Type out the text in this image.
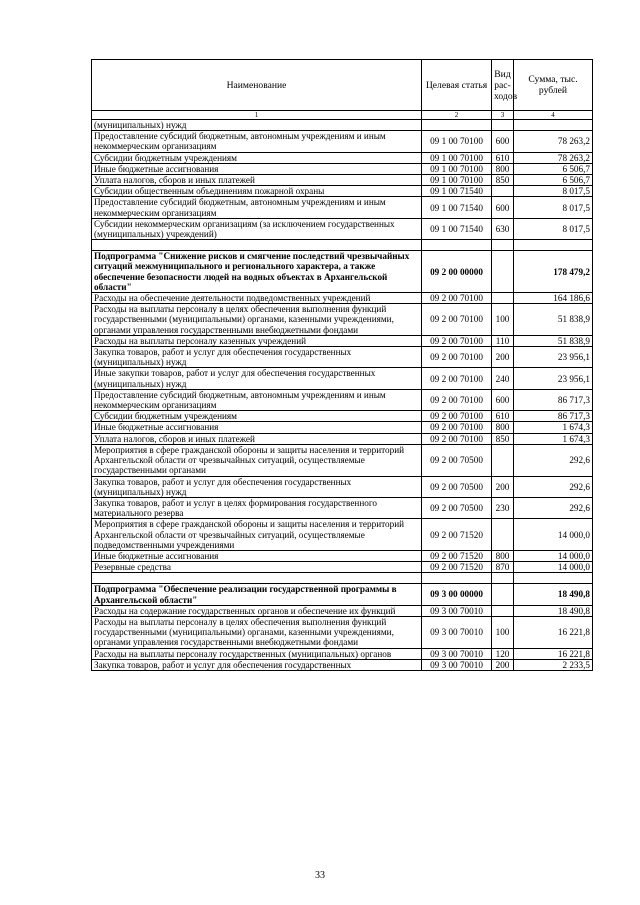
Наименование	Целевая статья	Вид рас-ходов	Сумма, тыс. рублей
1	2	3	4
(муниципальных) нужд			
Предоставление субсидий бюджетным, автономным учреждениям и иным некоммерческим организациям	09 1 00 70100	600	78 263,2
Субсидии бюджетным учреждениям	09 1 00 70100	610	78 263,2
Иные бюджетные ассигнования	09 1 00 70100	800	6 506,7
Уплата налогов, сборов и иных платежей	09 1 00 70100	850	6 506,7
Субсидии общественным объединениям пожарной охраны	09 1 00 71540		8 017,5
Предоставление субсидий бюджетным, автономным учреждениям и иным некоммерческим организациям	09 1 00 71540	600	8 017,5
Субсидии некоммерческим организациям (за исключением государственных (муниципальных) учреждений)	09 1 00 71540	630	8 017,5

Подпрограмма "Снижение рисков и смягчение последствий чрезвычайных ситуаций межмуниципального и регионального характера, а также обеспечение безопасности людей на водных объектах в Архангельской области"	09 2 00 00000		178 479,2
Расходы на обеспечение деятельности подведомственных учреждений	09 2 00 70100		164 186,6
Расходы на выплаты персоналу в целях обеспечения выполнения функций государственными (муниципальными) органами, казенными учреждениями, органами управления государственными внебюджетными фондами	09 2 00 70100	100	51 838,9
Расходы на выплаты персоналу казенных учреждений	09 2 00 70100	110	51 838,9
Закупка товаров, работ и услуг для обеспечения государственных (муниципальных) нужд	09 2 00 70100	200	23 956,1
Иные закупки товаров, работ и услуг для обеспечения государственных (муниципальных) нужд	09 2 00 70100	240	23 956,1
Предоставление субсидий бюджетным, автономным учреждениям и иным некоммерческим организациям	09 2 00 70100	600	86 717,3
Субсидии бюджетным учреждениям	09 2 00 70100	610	86 717,3
Иные бюджетные ассигнования	09 2 00 70100	800	1 674,3
Уплата налогов, сборов и иных платежей	09 2 00 70100	850	1 674,3
Мероприятия в сфере гражданской обороны и защиты населения и территорий Архангельской области от чрезвычайных ситуаций, осуществляемые государственными органами	09 2 00 70500		292,6
Закупка товаров, работ и услуг для обеспечения государственных (муниципальных) нужд	09 2 00 70500	200	292,6
Закупка товаров, работ и услуг в целях формирования государственного материального резерва	09 2 00 70500	230	292,6
Мероприятия в сфере гражданской обороны и защиты населения и территорий Архангельской области от чрезвычайных ситуаций, осуществляемые подведомственными учреждениями	09 2 00 71520		14 000,0
Иные бюджетные ассигнования	09 2 00 71520	800	14 000,0
Резервные средства	09 2 00 71520	870	14 000,0

Подпрограмма "Обеспечение реализации государственной программы в Архангельской области"	09 3 00 00000		18 490,8
Расходы на содержание государственных органов и обеспечение их функций	09 3 00 70010		18 490,8
Расходы на выплаты персоналу в целях обеспечения выполнения функций государственными (муниципальными) органами, казенными учреждениями, органами управления государственными внебюджетными фондами	09 3 00 70010	100	16 221,8
Расходы на выплаты персоналу государственных (муниципальных) органов	09 3 00 70010	120	16 221,8
Закупка товаров, работ и услуг для обеспечения государственных	09 3 00 70010	200	2 233,5
33
